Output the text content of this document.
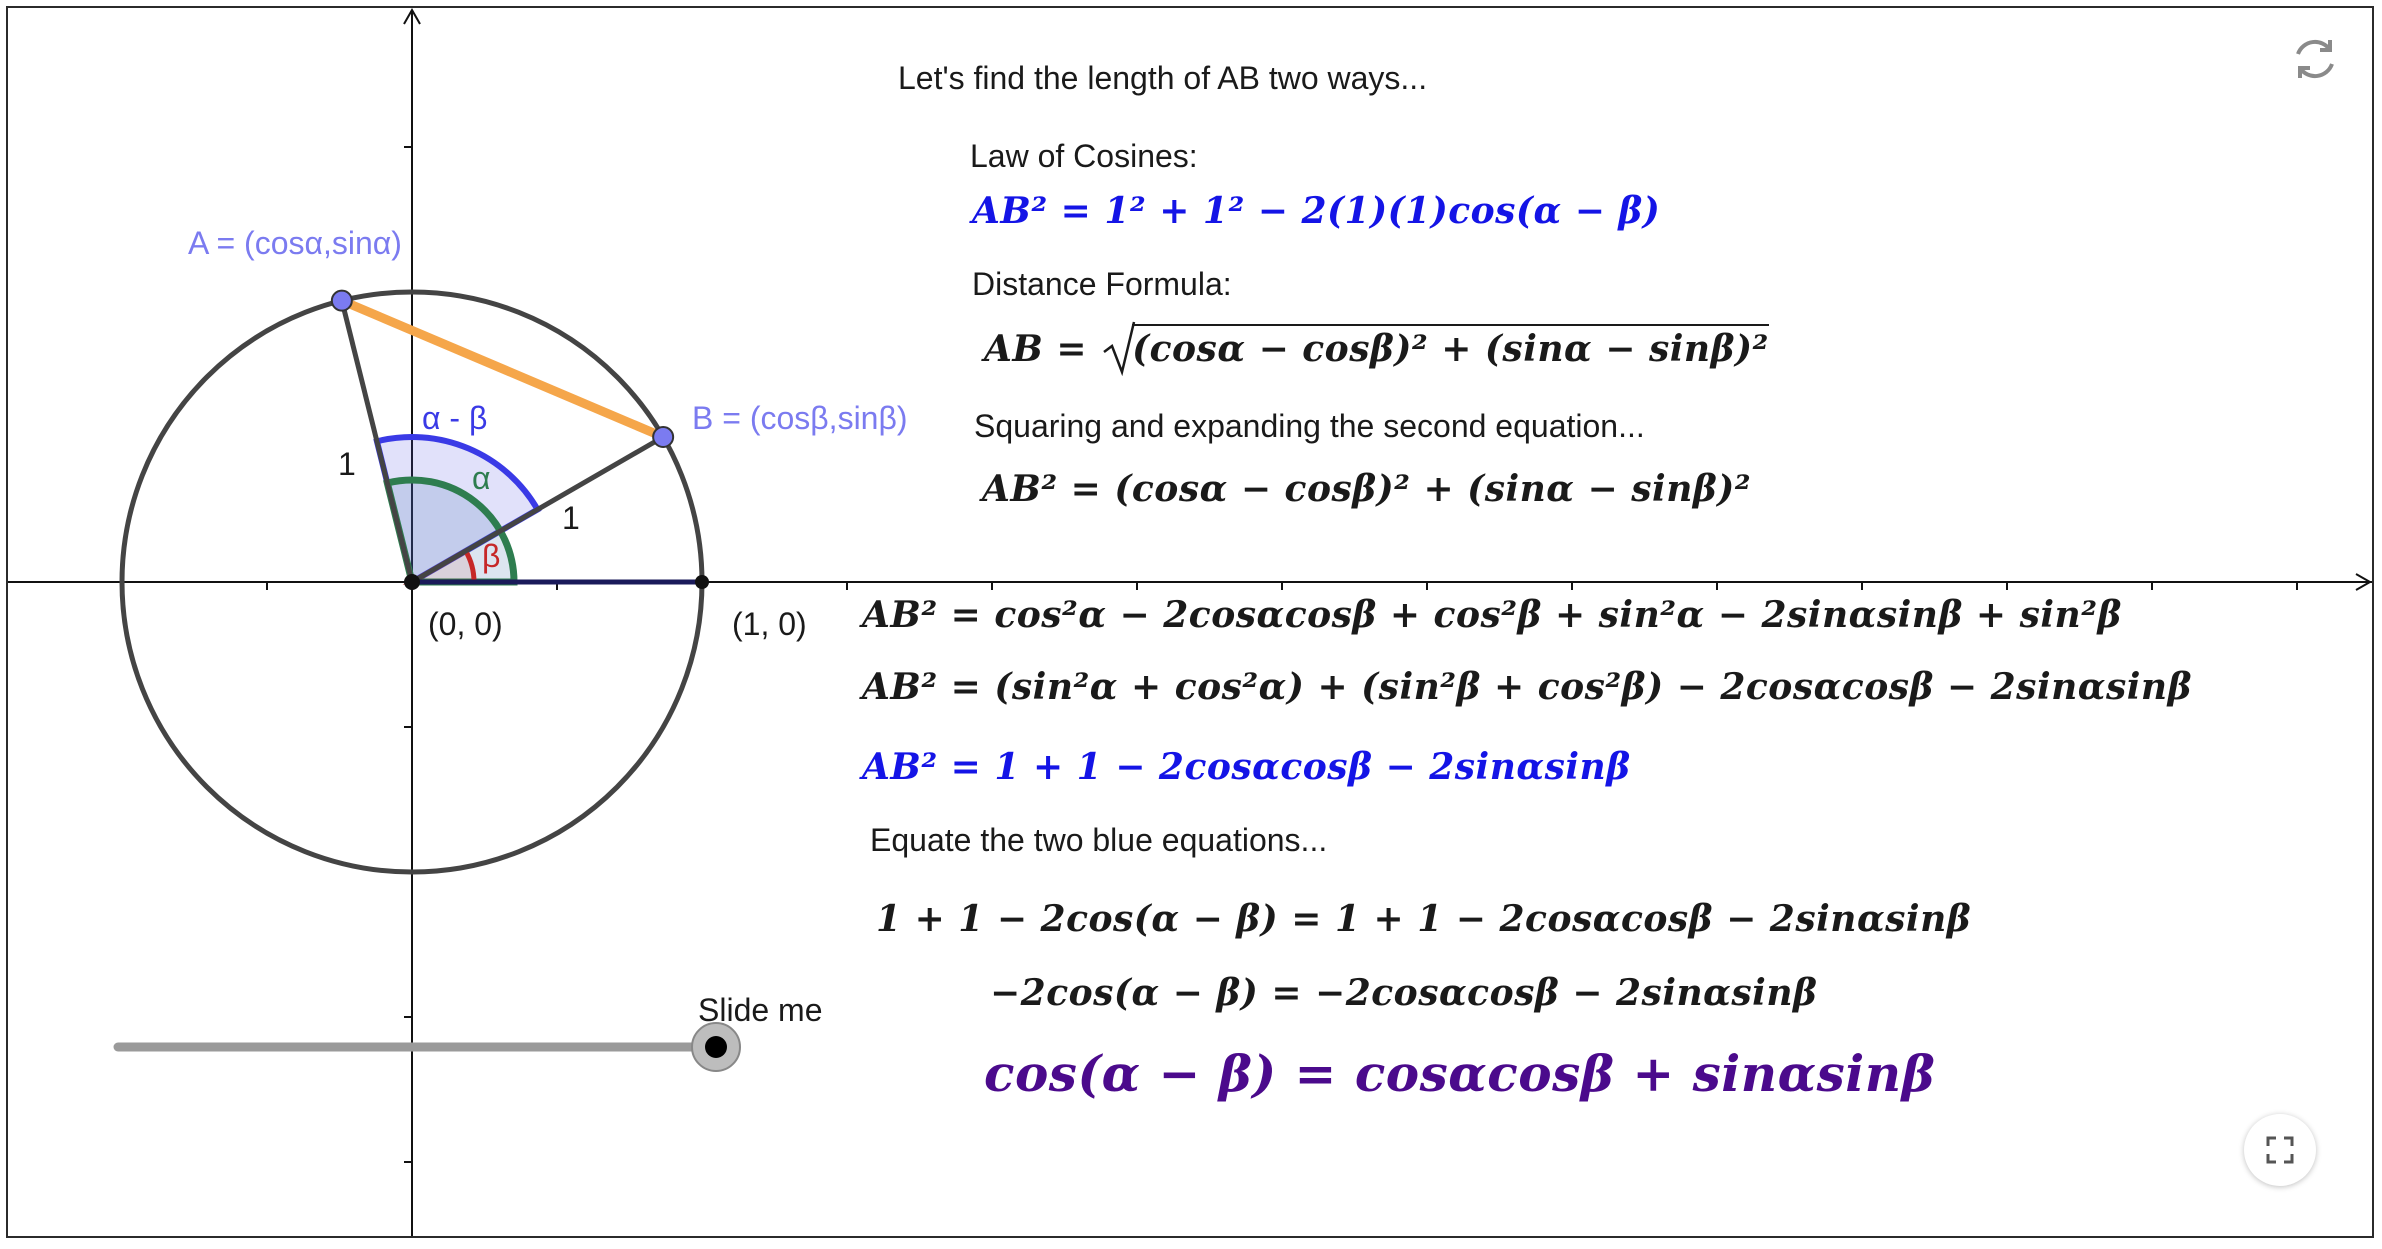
A = (cosα,sinα)
B = (cosβ,sinβ)
α - β
α
β
1
1
(0, 0)	(1, 0)
Slide me
Let's find the length of AB two ways...
Law of Cosines:
AB² = 1² + 1² − 2(1)(1)cos(α − β)
Distance Formula:
AB =
(cosα − cosβ)² + (sinα − sinβ)²
Squaring and expanding the second equation...
AB² = (cosα − cosβ)² + (sinα − sinβ)²
AB² = cos²α − 2cosαcosβ + cos²β + sin²α − 2sinαsinβ + sin²β
AB² = (sin²α + cos²α) + (sin²β + cos²β) − 2cosαcosβ − 2sinαsinβ
AB² = 1 + 1 − 2cosαcosβ − 2sinαsinβ
Equate the two blue equations...
1 + 1 − 2cos(α − β) = 1 + 1 − 2cosαcosβ − 2sinαsinβ
−2cos(α − β) = −2cosαcosβ − 2sinαsinβ
cos(α − β) = cosαcosβ + sinαsinβ
